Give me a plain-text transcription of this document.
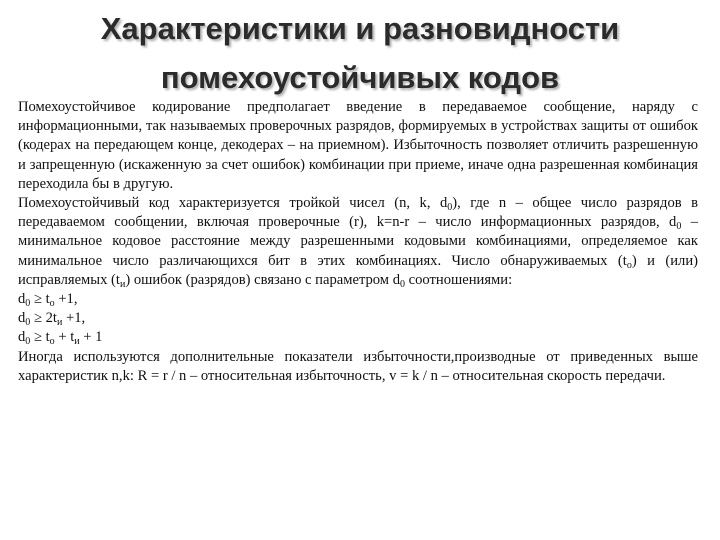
Характеристики и разновидности
помехоустойчивых кодов

Помехоустойчивое кодирование предполагает введение в передаваемое сообщение, наряду с информационными, так называемых проверочных разрядов, формируемых в устройствах защиты от ошибок (кодерах на передающем конце, декодерах – на приемном). Избыточность позволяет отличить разрешенную и запрещенную (искаженную за счет ошибок) комбинации при приеме, иначе одна разрешенная комбинация переходила бы в другую.

Помехоустойчивый код характеризуется тройкой чисел (n, k, $d_0$), где n – общее число разрядов в передаваемом сообщении, включая проверочные (r), k=n-r – число информационных разрядов, $d_0$ – минимальное кодовое расстояние между разрешенными кодовыми комбинациями, определяемое как минимальное число различающихся бит в этих комбинациях. Число обнаруживаемых $(t_о)$ и (или) исправляемых $(t_и)$ ошибок (разрядов) связано с параметром $d_0$ соотношениями:

$d_0 \ge t_о +1$,

$d_0 \ge 2t_и +1$,

$d_0 \ge t_о + t_и + 1$

Иногда используются дополнительные показатели избыточности,производные от приведенных выше характеристик n,k: R = r / n – относительная избыточность, v = k / n – относительная скорость передачи.
